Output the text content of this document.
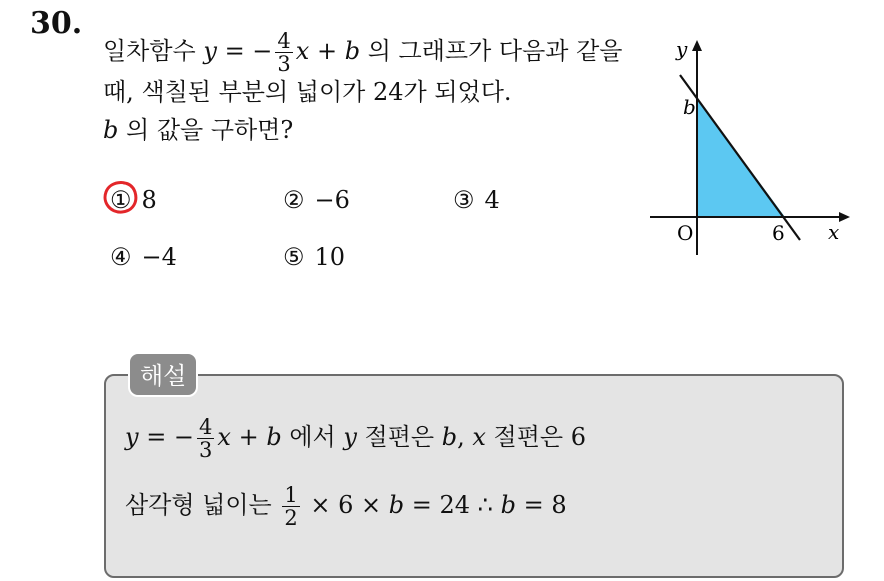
30.
일차함수 y = − $\frac{4}{3}$ x + b 의 그래프가 다음과 같을
때, 색칠된 부분의 넓이가 24가 되었다.
b 의 값을 구하면?
① 8	② −6	③ 4
④ −4	⑤ 10
y
x
O
b
6
해설
y = − $\frac{4}{3}$ x + b 에서 y 절편은 b, x 절편은 6
삼각형 넓이는 $\frac{1}{2} \times 6 \times b = 24$ ∴ b = 8
